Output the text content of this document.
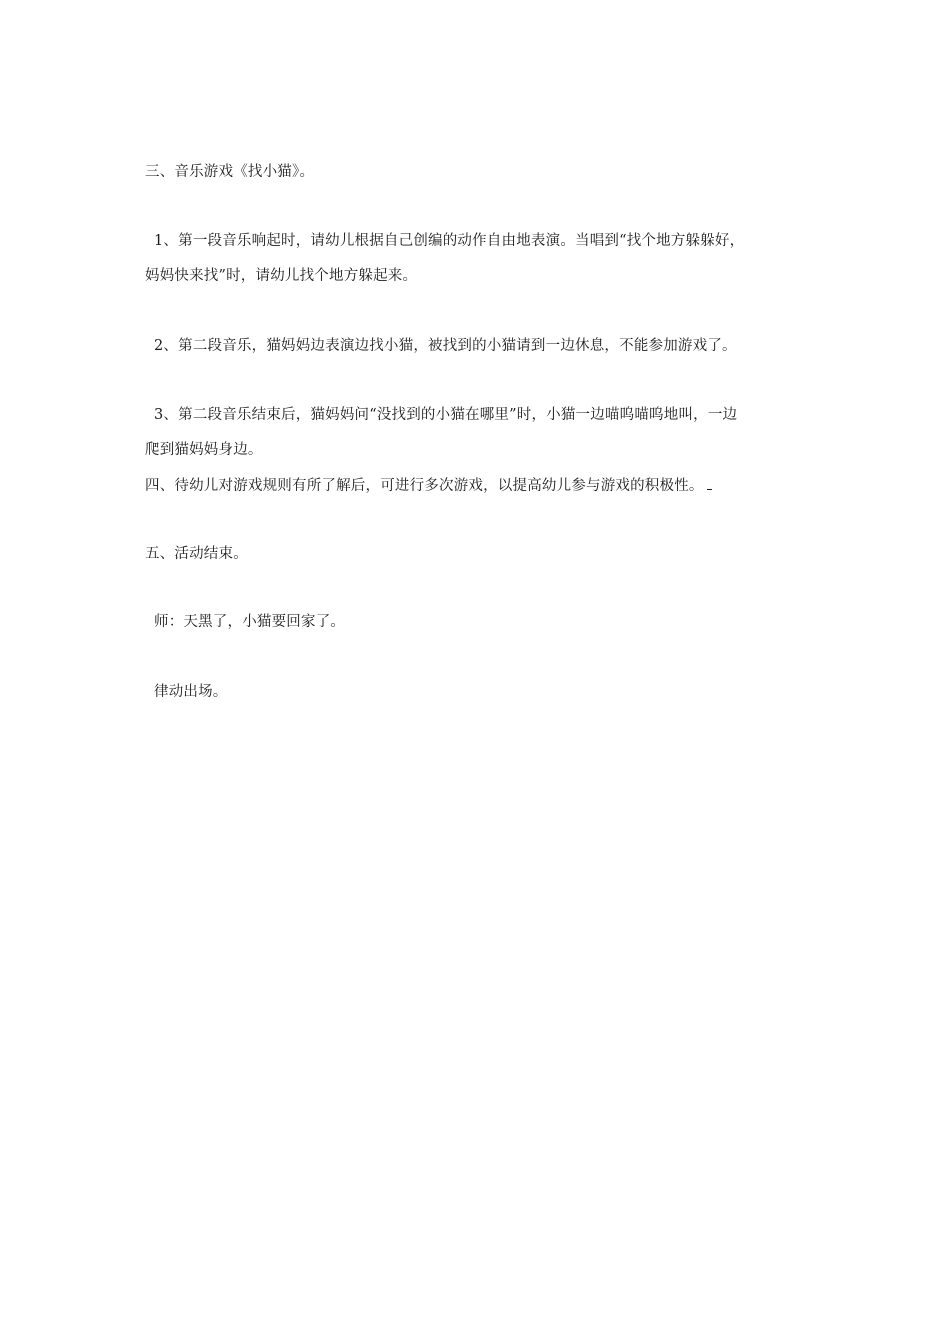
三、音乐游戏《找小猫》。
1、第一段音乐响起时，请幼儿根据自己创编的动作自由地表演。当唱到“找个地方躲躲好，
妈妈快来找”时，请幼儿找个地方躲起来。
2、第二段音乐，猫妈妈边表演边找小猫，被找到的小猫请到一边休息，不能参加游戏了。
3、第二段音乐结束后，猫妈妈问“没找到的小猫在哪里”时，小猫一边喵呜喵呜地叫，一边
爬到猫妈妈身边。
四、待幼儿对游戏规则有所了解后，可进行多次游戏，以提高幼儿参与游戏的积极性。
五、活动结束。
师：天黑了，小猫要回家了。
律动出场。
